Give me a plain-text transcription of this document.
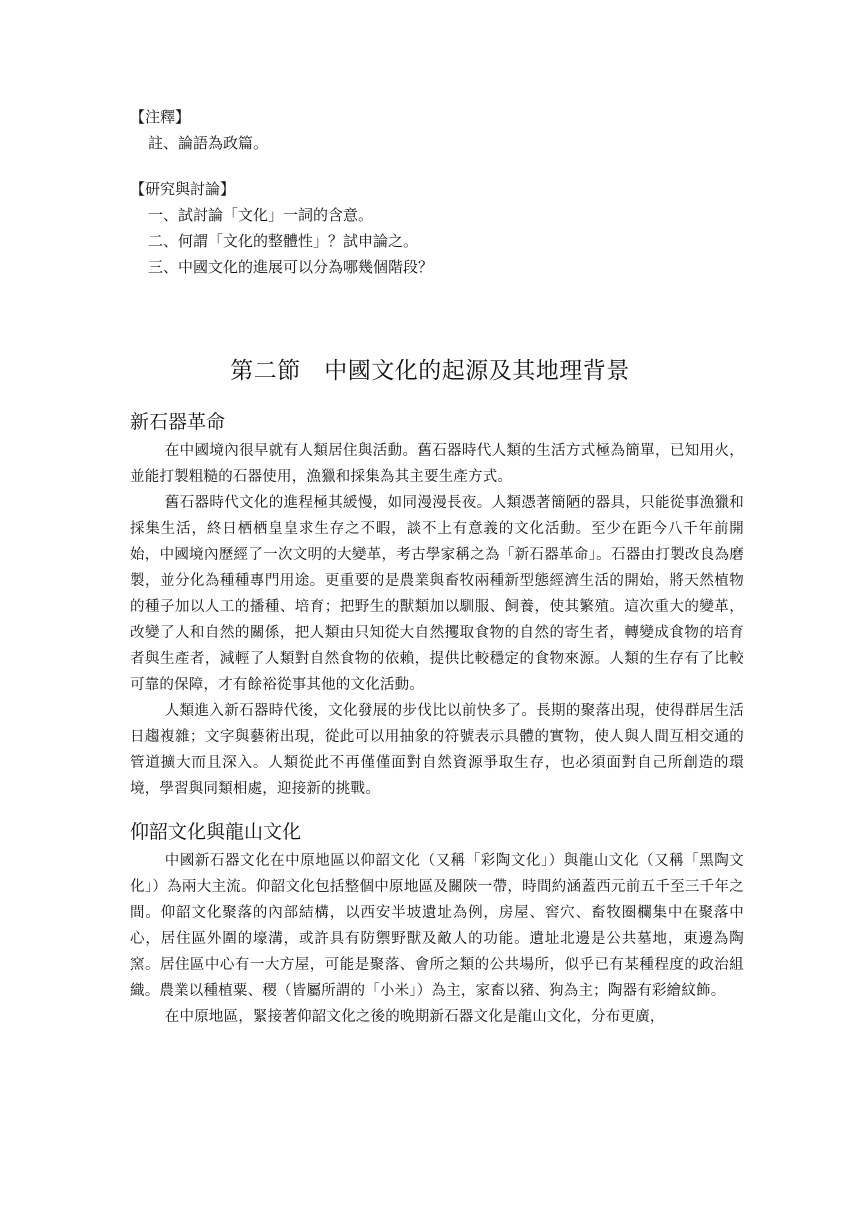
【注釋】
註、論語為政篇。
【研究與討論】
一、試討論「文化」一詞的含意。
二、何謂「文化的整體性」？試申論之。
三、中國文化的進展可以分為哪幾個階段？
第二節　中國文化的起源及其地理背景
新石器革命

在中國境內很早就有人類居住與活動。舊石器時代人類的生活方式極為簡單，已知用火，並能打製粗糙的石器使用，漁獵和採集為其主要生產方式。

舊石器時代文化的進程極其緩慢，如同漫漫長夜。人類憑著簡陋的器具，只能從事漁獵和採集生活，終日栖栖皇皇求生存之不暇，談不上有意義的文化活動。至少在距今八千年前開始，中國境內歷經了一次文明的大變革，考古學家稱之為「新石器革命」。石器由打製改良為磨製，並分化為種種專門用途。更重要的是農業與畜牧兩種新型態經濟生活的開始，將天然植物的種子加以人工的播種、培育；把野生的獸類加以馴服、飼養，使其繁殖。這次重大的變革，改變了人和自然的關係，把人類由只知從大自然攫取食物的自然的寄生者，轉變成食物的培育者與生產者，減輕了人類對自然食物的依賴，提供比較穩定的食物來源。人類的生存有了比較可靠的保障，才有餘裕從事其他的文化活動。

人類進入新石器時代後，文化發展的步伐比以前快多了。長期的聚落出現，使得群居生活日趨複雜；文字與藝術出現，從此可以用抽象的符號表示具體的實物，使人與人間互相交通的管道擴大而且深入。人類從此不再僅僅面對自然資源爭取生存，也必須面對自己所創造的環境，學習與同類相處，迎接新的挑戰。

仰韶文化與龍山文化

中國新石器文化在中原地區以仰韶文化（又稱「彩陶文化」）與龍山文化（又稱「黑陶文化」）為兩大主流。仰韶文化包括整個中原地區及關陝一帶，時間約涵蓋西元前五千至三千年之間。仰韶文化聚落的內部結構，以西安半坡遺址為例，房屋、窖穴、畜牧圈欄集中在聚落中心，居住區外圍的壕溝，或許具有防禦野獸及敵人的功能。遺址北邊是公共墓地，東邊為陶窯。居住區中心有一大方屋，可能是聚落、會所之類的公共場所，似乎已有某種程度的政治組織。農業以種植粟、稷（皆屬所謂的「小米」）為主，家畜以豬、狗為主；陶器有彩繪紋飾。

在中原地區，緊接著仰韶文化之後的晚期新石器文化是龍山文化，分布更廣，
